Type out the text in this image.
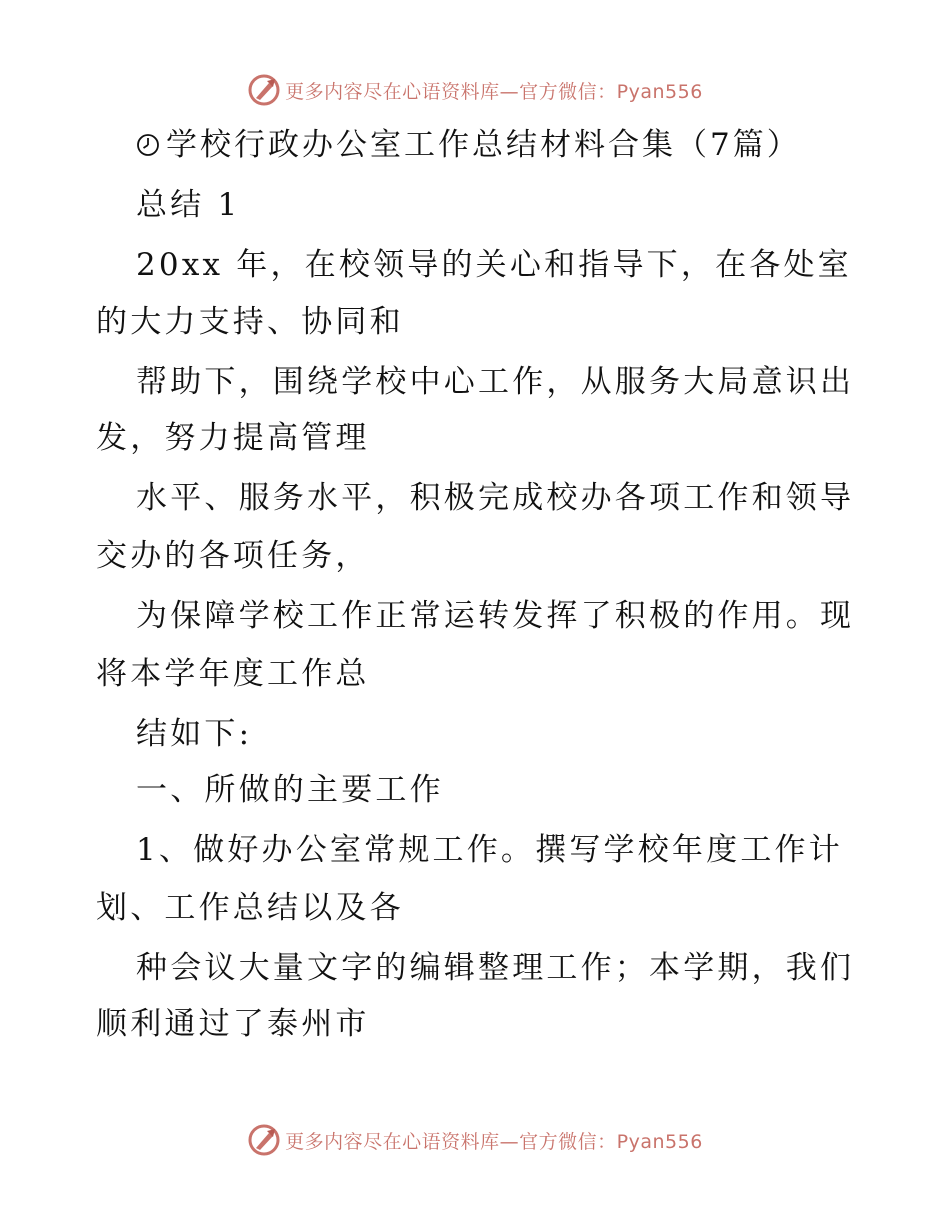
更多内容尽在心语资料库—官方微信：Pyan556
学校行政办公室工作总结材料合集（7篇）
总结 1
20xx 年，在校领导的关心和指导下，在各处室
的大力支持、协同和
帮助下，围绕学校中心工作，从服务大局意识出
发，努力提高管理
水平、服务水平，积极完成校办各项工作和领导
交办的各项任务，
为保障学校工作正常运转发挥了积极的作用。现
将本学年度工作总
结如下:
一、所做的主要工作
1、做好办公室常规工作。撰写学校年度工作计
划、工作总结以及各
种会议大量文字的编辑整理工作；本学期，我们
顺利通过了泰州市
更多内容尽在心语资料库—官方微信：Pyan556
